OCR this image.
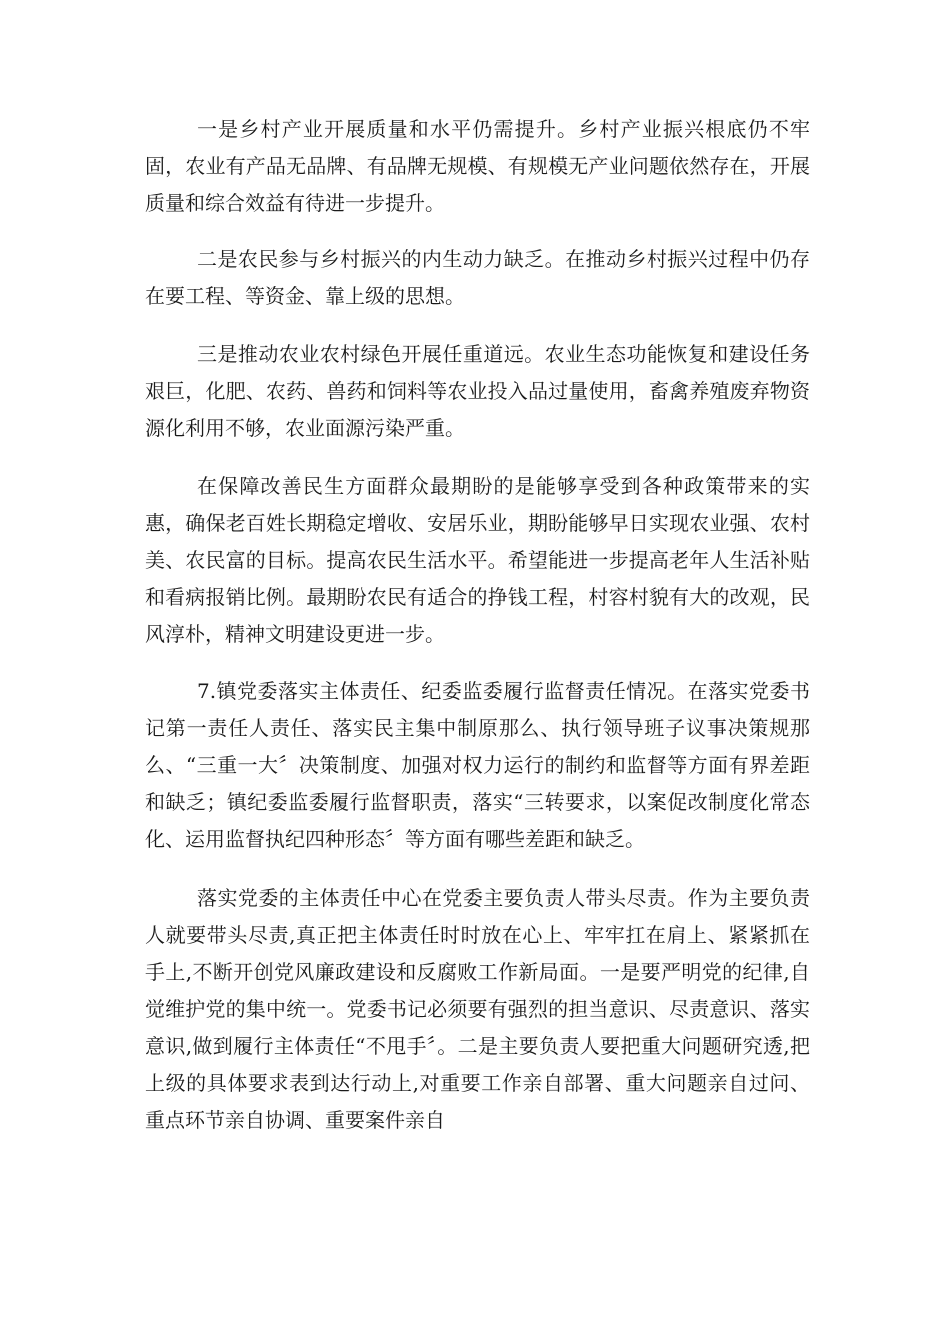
一是乡村产业开展质量和水平仍需提升。乡村产业振兴根底仍不牢固，农业有产品无品牌、有品牌无规模、有规模无产业问题依然存在，开展质量和综合效益有待进一步提升。

二是农民参与乡村振兴的内生动力缺乏。在推动乡村振兴过程中仍存在要工程、等资金、靠上级的思想。

三是推动农业农村绿色开展任重道远。农业生态功能恢复和建设任务艰巨，化肥、农药、兽药和饲料等农业投入品过量使用，畜禽养殖废弃物资源化利用不够，农业面源污染严重。

在保障改善民生方面群众最期盼的是能够享受到各种政策带来的实惠，确保老百姓长期稳定增收、安居乐业，期盼能够早日实现农业强、农村美、农民富的目标。提高农民生活水平。希望能进一步提高老年人生活补贴和看病报销比例。最期盼农民有适合的挣钱工程，村容村貌有大的改观，民风淳朴，精神文明建设更进一步。

7.镇党委落实主体责任、纪委监委履行监督责任情况。在落实党委书记第一责任人责任、落实民主集中制原那么、执行领导班子议事决策规那么、“三重一大〞决策制度、加强对权力运行的制约和监督等方面有界差距和缺乏；镇纪委监委履行监督职责，落实“三转要求，以案促改制度化常态化、运用监督执纪四种形态〞等方面有哪些差距和缺乏。

落实党委的主体责任中心在党委主要负责人带头尽责。作为主要负责人就要带头尽责,真正把主体责任时时放在心上、牢牢扛在肩上、紧紧抓在手上,不断开创党风廉政建设和反腐败工作新局面。一是要严明党的纪律,自觉维护党的集中统一。党委书记必须要有强烈的担当意识、尽责意识、落实意识,做到履行主体责任“不甩手〞。二是主要负责人要把重大问题研究透,把上级的具体要求表到达行动上,对重要工作亲自部署、重大问题亲自过问、重点环节亲自协调、重要案件亲自
